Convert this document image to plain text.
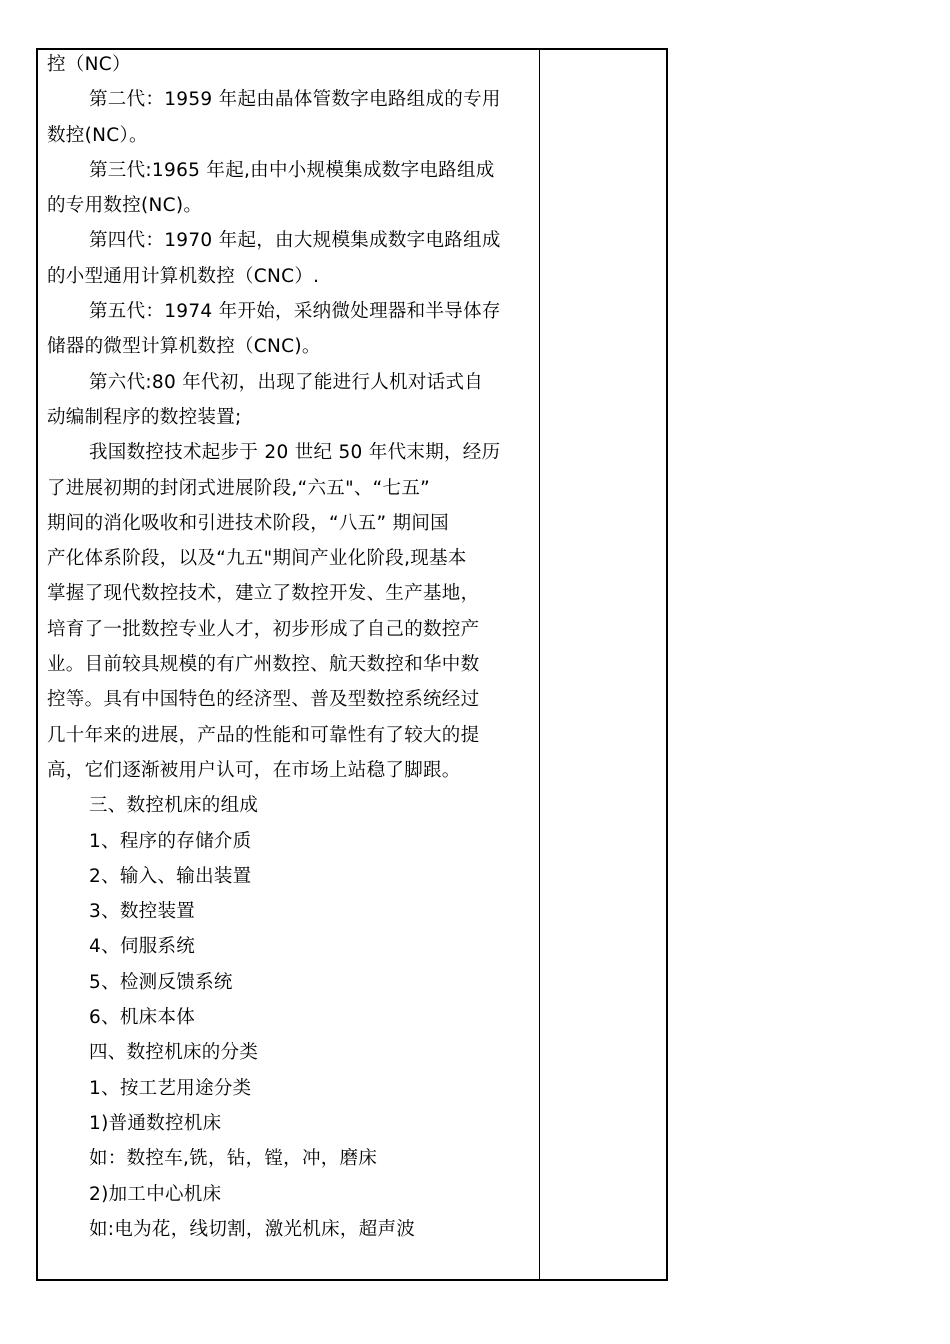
控（NC）
第二代：1959 年起由晶体管数字电路组成的专用
数控(NC）。
第三代:1965 年起,由中小规模集成数字电路组成
的专用数控(NC)。
第四代：1970 年起，由大规模集成数字电路组成
的小型通用计算机数控（CNC）.
第五代：1974 年开始，采纳微处理器和半导体存
储器的微型计算机数控（CNC)。
第六代:80 年代初，出现了能进行人机对话式自
动编制程序的数控装置;
我国数控技术起步于 20 世纪 50 年代末期，经历
了进展初期的封闭式进展阶段,“六五"、“七五”
期间的消化吸收和引进技术阶段，“八五” 期间国
产化体系阶段，以及“九五"期间产业化阶段,现基本
掌握了现代数控技术，建立了数控开发、生产基地，
培育了一批数控专业人才，初步形成了自己的数控产
业。目前较具规模的有广州数控、航天数控和华中数
控等。具有中国特色的经济型、普及型数控系统经过
几十年来的进展，产品的性能和可靠性有了较大的提
高，它们逐渐被用户认可，在市场上站稳了脚跟。
三、数控机床的组成
1、程序的存储介质
2、输入、输出装置
3、数控装置
4、伺服系统
5、检测反馈系统
6、机床本体
四、数控机床的分类
1、按工艺用途分类
1)普通数控机床
如：数控车,铣，钻，镗，冲，磨床
2)加工中心机床
如:电为花，线切割，激光机床，超声波
